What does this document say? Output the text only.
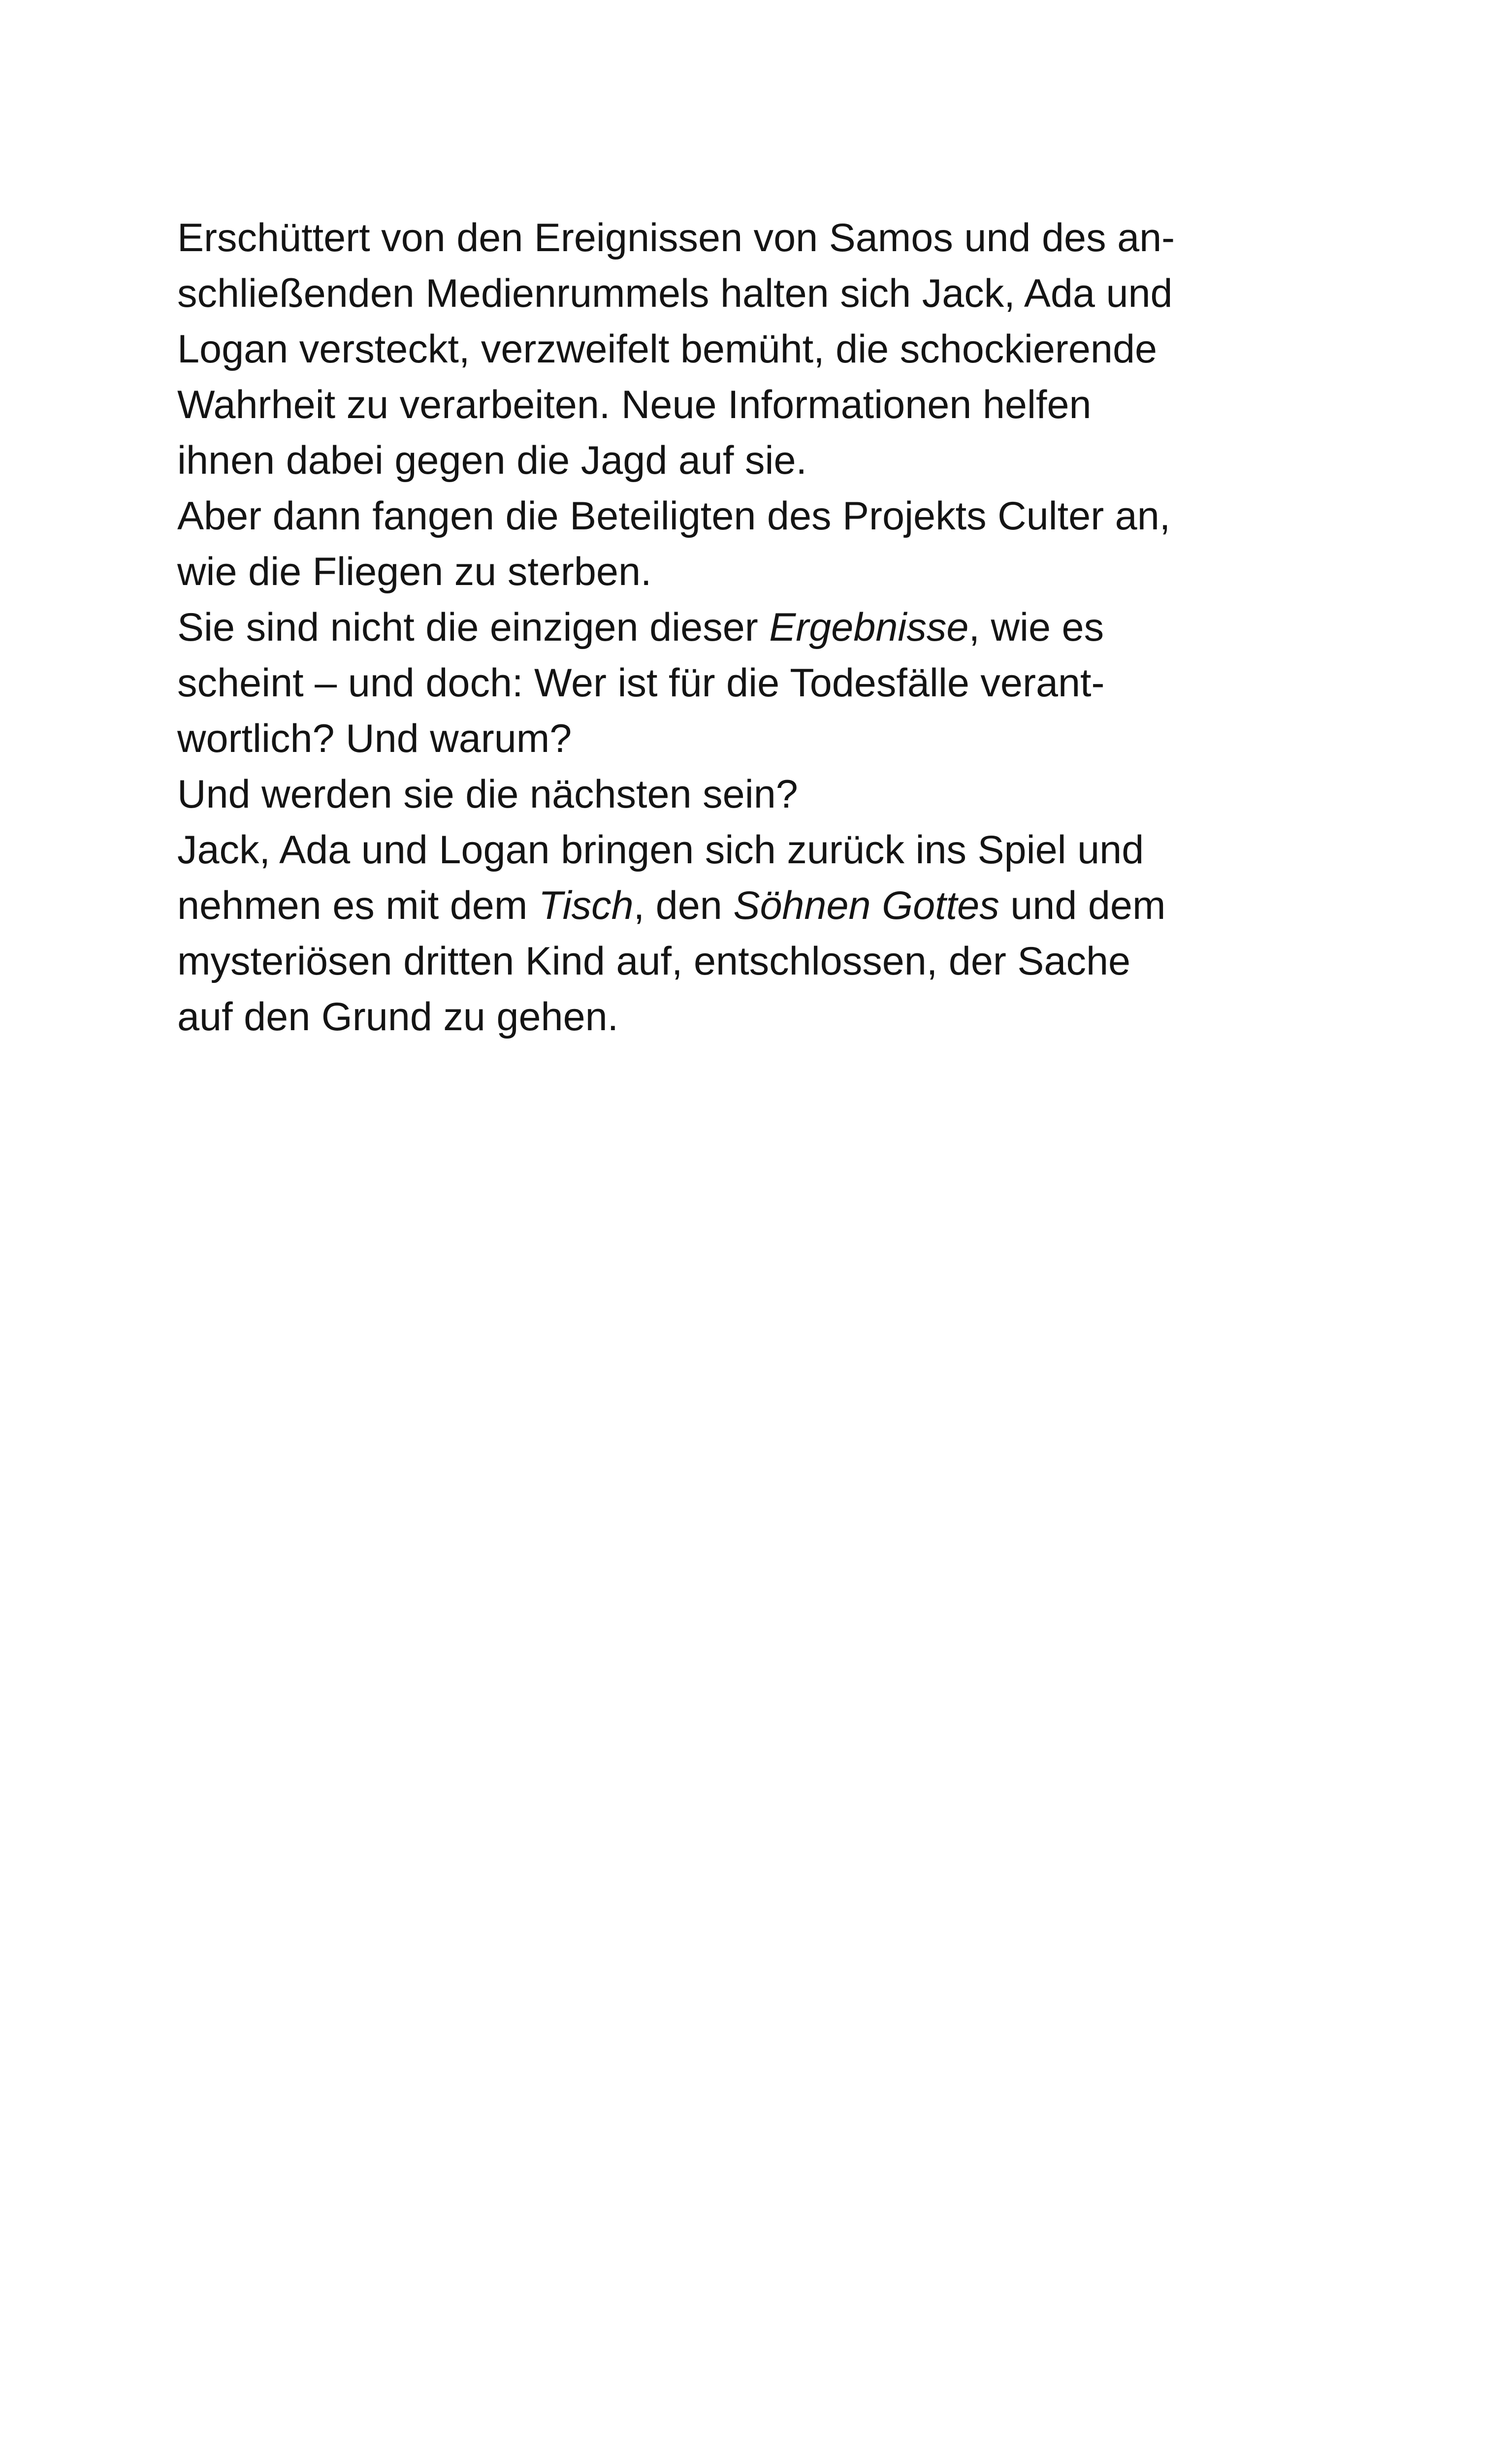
Erschüttert von den Ereignissen von Samos und des an-
schließenden Medienrummels halten sich Jack, Ada und
Logan versteckt, verzweifelt bemüht, die schockierende
Wahrheit zu verarbeiten. Neue Informationen helfen
ihnen dabei gegen die Jagd auf sie.
Aber dann fangen die Beteiligten des Projekts Culter an,
wie die Fliegen zu sterben.
Sie sind nicht die einzigen dieser Ergebnisse, wie es
scheint – und doch: Wer ist für die Todesfälle verant-
wortlich? Und warum?
Und werden sie die nächsten sein?
Jack, Ada und Logan bringen sich zurück ins Spiel und
nehmen es mit dem Tisch, den Söhnen Gottes und dem
mysteriösen dritten Kind auf, entschlossen, der Sache
auf den Grund zu gehen.
